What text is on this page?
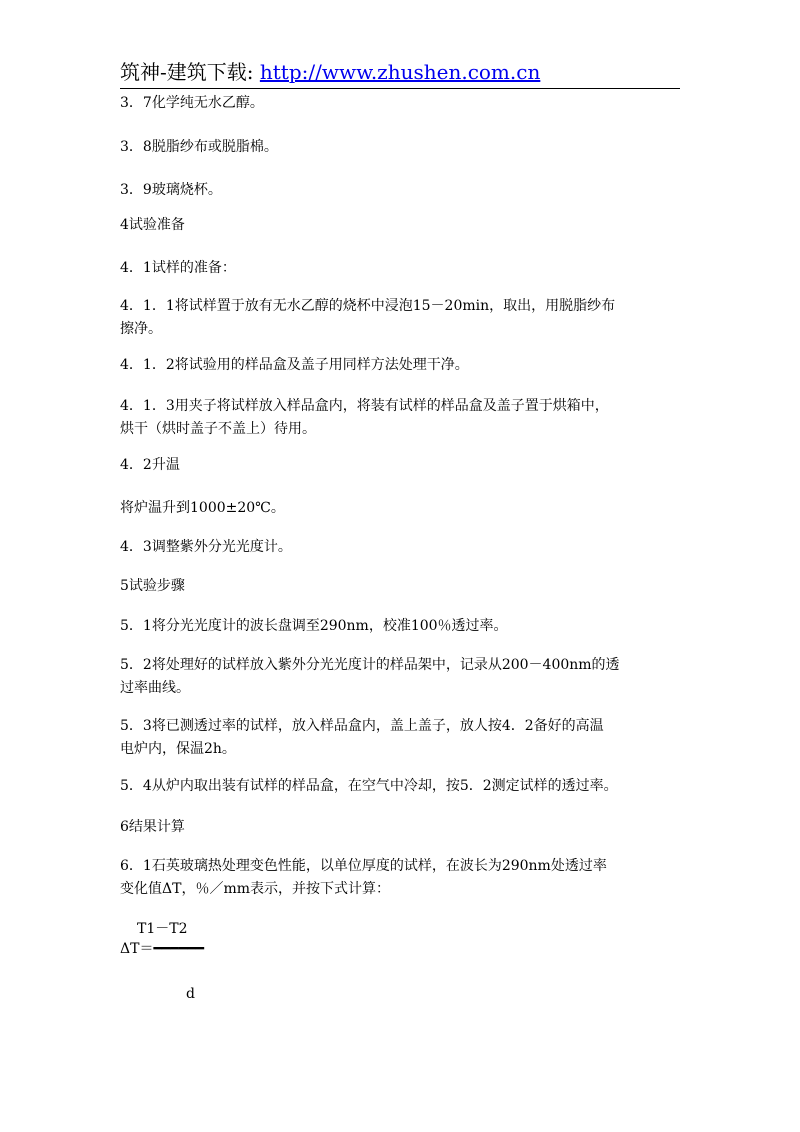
筑神-建筑下载: http://www.zhushen.com.cn
3．7化学纯无水乙醇。
3．8脱脂纱布或脱脂棉。
3．9玻璃烧杯。
4试验准备
4．1试样的准备：
4．1．1将试样置于放有无水乙醇的烧杯中浸泡15－20min，取出，用脱脂纱布
擦净。
4．1．2将试验用的样品盒及盖子用同样方法处理干净。
4．1．3用夹子将试样放入样品盒内，将装有试样的样品盒及盖子置于烘箱中，
烘干（烘时盖子不盖上）待用。
4．2升温
将炉温升到1000±20℃。
4．3调整紫外分光光度计。
5试验步骤
5．1将分光光度计的波长盘调至290nm，校准100％透过率。
5．2将处理好的试样放入紫外分光光度计的样品架中，记录从200－400nm的透
过率曲线。
5．3将已测透过率的试样，放入样品盒内，盖上盖子，放人按4．2备好的高温
电炉内，保温2h。
5．4从炉内取出装有试样的样品盒，在空气中冷却，按5．2测定试样的透过率。
6结果计算
6．1石英玻璃热处理变色性能，以单位厚度的试样，在波长为290nm处透过率
变化值ΔT，％／mm表示，并按下式计算：
T1－T2
ΔT＝━━━━━━
d
